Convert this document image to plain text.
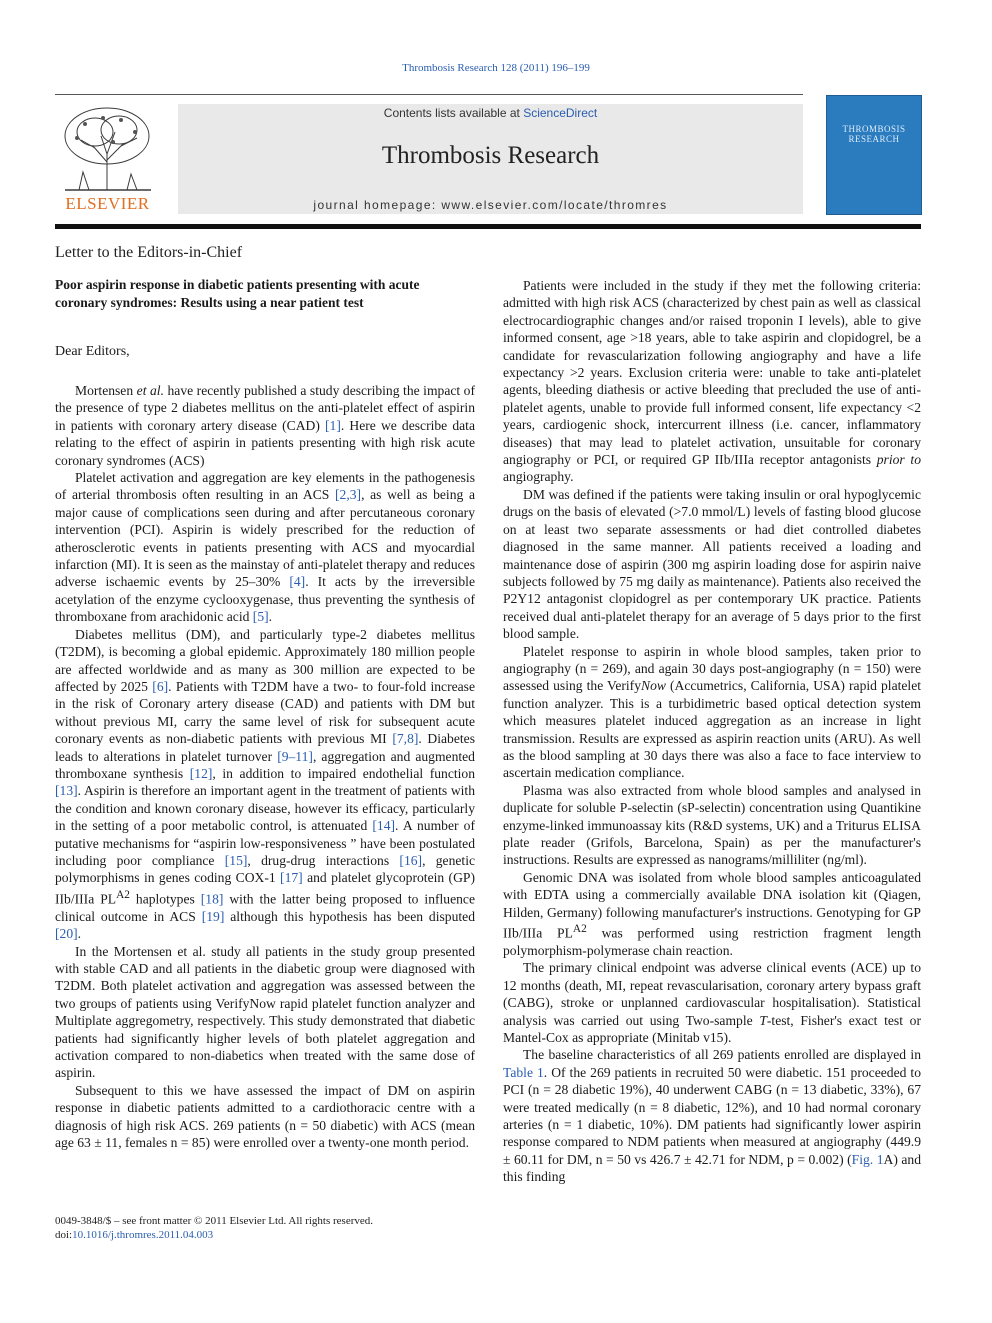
Thrombosis Research 128 (2011) 196–199
ELSEVIER
Contents lists available at ScienceDirect
Thrombosis Research
journal homepage: www.elsevier.com/locate/thromres
THROMBOSIS
RESEARCH
Letter to the Editors-in-Chief
Poor aspirin response in diabetic patients presenting with acute coronary syndromes: Results using a near patient test
Dear Editors,

Mortensen et al. have recently published a study describing the impact of the presence of type 2 diabetes mellitus on the anti-platelet effect of aspirin in patients with coronary artery disease (CAD) [1]. Here we describe data relating to the effect of aspirin in patients presenting with high risk acute coronary syndromes (ACS)

Platelet activation and aggregation are key elements in the pathogenesis of arterial thrombosis often resulting in an ACS [2,3], as well as being a major cause of complications seen during and after percutaneous coronary intervention (PCI). Aspirin is widely prescribed for the reduction of atherosclerotic events in patients presenting with ACS and myocardial infarction (MI). It is seen as the mainstay of anti-platelet therapy and reduces adverse ischaemic events by 25–30% [4]. It acts by the irreversible acetylation of the enzyme cyclooxygenase, thus preventing the synthesis of thromboxane from arachidonic acid [5].

Diabetes mellitus (DM), and particularly type-2 diabetes mellitus (T2DM), is becoming a global epidemic. Approximately 180 million people are affected worldwide and as many as 300 million are expected to be affected by 2025 [6]. Patients with T2DM have a two- to four-fold increase in the risk of Coronary artery disease (CAD) and patients with DM but without previous MI, carry the same level of risk for subsequent acute coronary events as non-diabetic patients with previous MI [7,8]. Diabetes leads to alterations in platelet turnover [9–11], aggregation and augmented thromboxane synthesis [12], in addition to impaired endothelial function [13]. Aspirin is therefore an important agent in the treatment of patients with the condition and known coronary disease, however its efficacy, particularly in the setting of a poor metabolic control, is attenuated [14]. A number of putative mechanisms for “aspirin low-responsiveness ” have been postulated including poor compliance [15], drug-drug interactions [16], genetic polymorphisms in genes coding COX-1 [17] and platelet glycoprotein (GP) IIb/IIIa $PL^{A2}$ haplotypes [18] with the latter being proposed to influence clinical outcome in ACS [19] although this hypothesis has been disputed [20].

In the Mortensen et al. study all patients in the study group presented with stable CAD and all patients in the diabetic group were diagnosed with T2DM. Both platelet activation and aggregation was assessed between the two groups of patients using VerifyNow rapid platelet function analyzer and Multiplate aggregometry, respectively. This study demonstrated that diabetic patients had significantly higher levels of both platelet aggregation and activation compared to non-diabetics when treated with the same dose of aspirin.

Subsequent to this we have assessed the impact of DM on aspirin response in diabetic patients admitted to a cardiothoracic centre with a diagnosis of high risk ACS. 269 patients (n = 50 diabetic) with ACS (mean age 63 ± 11, females n = 85) were enrolled over a twenty-one month period.

Patients were included in the study if they met the following criteria: admitted with high risk ACS (characterized by chest pain as well as classical electrocardiographic changes and/or raised troponin I levels), able to give informed consent, age >18 years, able to take aspirin and clopidogrel, be a candidate for revascularization following angiography and have a life expectancy >2 years. Exclusion criteria were: unable to take anti-platelet agents, bleeding diathesis or active bleeding that precluded the use of anti-platelet agents, unable to provide full informed consent, life expectancy <2 years, cardiogenic shock, intercurrent illness (i.e. cancer, inflammatory diseases) that may lead to platelet activation, unsuitable for coronary angiography or PCI, or required GP IIb/IIIa receptor antagonists prior to angiography.

DM was defined if the patients were taking insulin or oral hypoglycemic drugs on the basis of elevated (>7.0 mmol/L) levels of fasting blood glucose on at least two separate assessments or had diet controlled diabetes diagnosed in the same manner. All patients received a loading and maintenance dose of aspirin (300 mg aspirin loading dose for aspirin naive subjects followed by 75 mg daily as maintenance). Patients also received the P2Y12 antagonist clopidogrel as per contemporary UK practice. Patients received dual anti-platelet therapy for an average of 5 days prior to the first blood sample.

Platelet response to aspirin in whole blood samples, taken prior to angiography (n = 269), and again 30 days post-angiography (n = 150) were assessed using the VerifyNow (Accumetrics, California, USA) rapid platelet function analyzer. This is a turbidimetric based optical detection system which measures platelet induced aggregation as an increase in light transmission. Results are expressed as aspirin reaction units (ARU). As well as the blood sampling at 30 days there was also a face to face interview to ascertain medication compliance.

Plasma was also extracted from whole blood samples and analysed in duplicate for soluble P-selectin (sP-selectin) concentration using Quantikine enzyme-linked immunoassay kits (R&D systems, UK) and a Triturus ELISA plate reader (Grifols, Barcelona, Spain) as per the manufacturer's instructions. Results are expressed as nanograms/milliliter (ng/ml).

Genomic DNA was isolated from whole blood samples anticoagulated with EDTA using a commercially available DNA isolation kit (Qiagen, Hilden, Germany) following manufacturer's instructions. Genotyping for GP IIb/IIIa $PL^{A2}$ was performed using restriction fragment length polymorphism-polymerase chain reaction.

The primary clinical endpoint was adverse clinical events (ACE) up to 12 months (death, MI, repeat revascularisation, coronary artery bypass graft (CABG), stroke or unplanned cardiovascular hospitalisation). Statistical analysis was carried out using Two-sample T-test, Fisher's exact test or Mantel-Cox as appropriate (Minitab v15).

The baseline characteristics of all 269 patients enrolled are displayed in Table 1. Of the 269 patients in recruited 50 were diabetic. 151 proceeded to PCI (n = 28 diabetic 19%), 40 underwent CABG (n = 13 diabetic, 33%), 67 were treated medically (n = 8 diabetic, 12%), and 10 had normal coronary arteries (n = 1 diabetic, 10%). DM patients had significantly lower aspirin response compared to NDM patients when measured at angiography (449.9 ± 60.11 for DM, n = 50 vs 426.7 ± 42.71 for NDM, p = 0.002) (Fig. 1A) and this finding

0049-3848/$ – see front matter © 2011 Elsevier Ltd. All rights reserved.
doi:10.1016/j.thromres.2011.04.003
